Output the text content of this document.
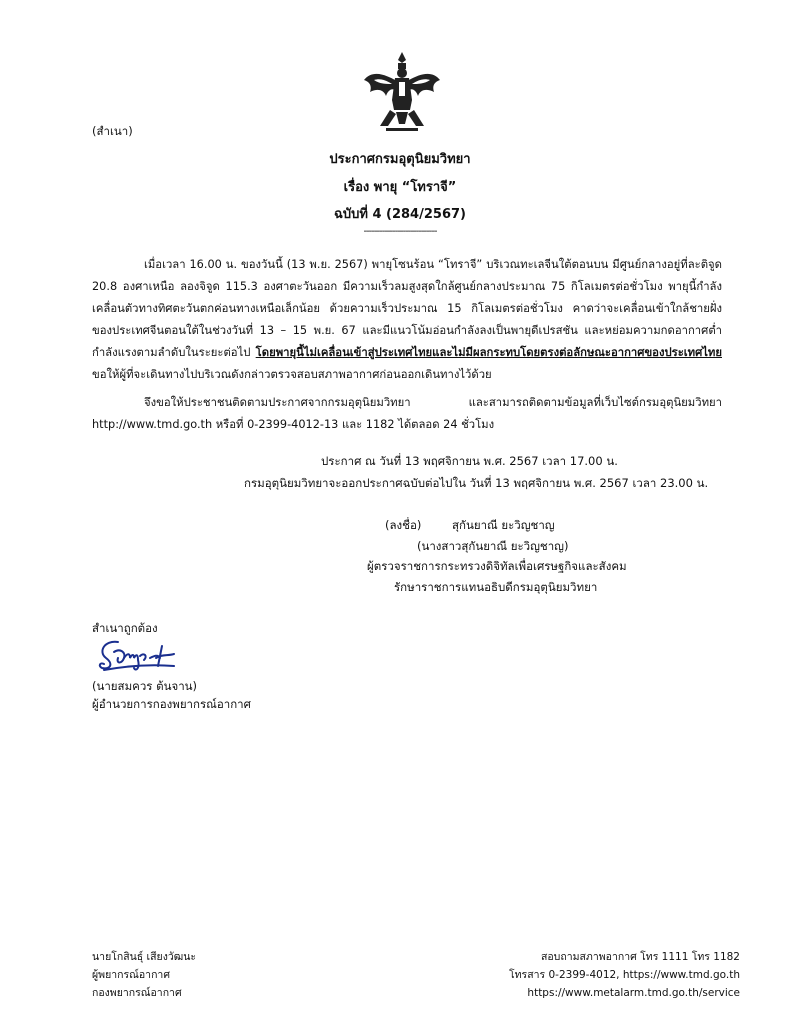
(สำเนา)
ประกาศกรมอุตุนิยมวิทยา
เรื่อง พายุ “โทราจี”
ฉบับที่ 4 (284/2567)
----------------------------
เมื่อเวลา 16.00 น. ของวันนี้ (13 พ.ย. 2567) พายุโซนร้อน “โทราจี” บริเวณทะเลจีนใต้ตอนบน มีศูนย์กลางอยู่ที่ละติจูด
20.8 องศาเหนือ ลองจิจูด 115.3 องศาตะวันออก มีความเร็วลมสูงสุดใกล้ศูนย์กลางประมาณ 75 กิโลเมตรต่อชั่วโมง พายุนี้กำลัง
เคลื่อนตัวทางทิศตะวันตกค่อนทางเหนือเล็กน้อย ด้วยความเร็วประมาณ 15 กิโลเมตรต่อชั่วโมง คาดว่าจะเคลื่อนเข้าใกล้ชายฝั่ง
ของประเทศจีนตอนใต้ในช่วงวันที่ 13 – 15 พ.ย. 67 และมีแนวโน้มอ่อนกำลังลงเป็นพายุดีเปรสชัน และหย่อมความกดอากาศต่ำ
กำลังแรงตามลำดับในระยะต่อไป โดยพายุนี้ไม่เคลื่อนเข้าสู่ประเทศไทยและไม่มีผลกระทบโดยตรงต่อลักษณะอากาศของประเทศไทย
ขอให้ผู้ที่จะเดินทางไปบริเวณดังกล่าวตรวจสอบสภาพอากาศก่อนออกเดินทางไว้ด้วย
จึงขอให้ประชาชนติดตามประกาศจากกรมอุตุนิยมวิทยา และสามารถติดตามข้อมูลที่เว็บไซต์กรมอุตุนิยมวิทยา
http://www.tmd.go.th หรือที่ 0-2399-4012-13 และ 1182 ได้ตลอด 24 ชั่วโมง
ประกาศ ณ วันที่ 13 พฤศจิกายน พ.ศ. 2567 เวลา 17.00 น.
กรมอุตุนิยมวิทยาจะออกประกาศฉบับต่อไปใน วันที่ 13 พฤศจิกายน พ.ศ. 2567 เวลา 23.00 น.
(ลงชื่อ)	สุกันยาณี ยะวิญชาญ
(นางสาวสุกันยาณี ยะวิญชาญ)
ผู้ตรวจราชการกระทรวงดิจิทัลเพื่อเศรษฐกิจและสังคม
รักษาราชการแทนอธิบดีกรมอุตุนิยมวิทยา
สำเนาถูกต้อง
(นายสมควร ต้นจาน)
ผู้อำนวยการกองพยากรณ์อากาศ
นายโกสินธุ์ เสียงวัฒนะ
ผู้พยากรณ์อากาศ
กองพยากรณ์อากาศ
สอบถามสภาพอากาศ โทร 1111 โทร 1182
โทรสาร 0-2399-4012, https://www.tmd.go.th
https://www.metalarm.tmd.go.th/service
